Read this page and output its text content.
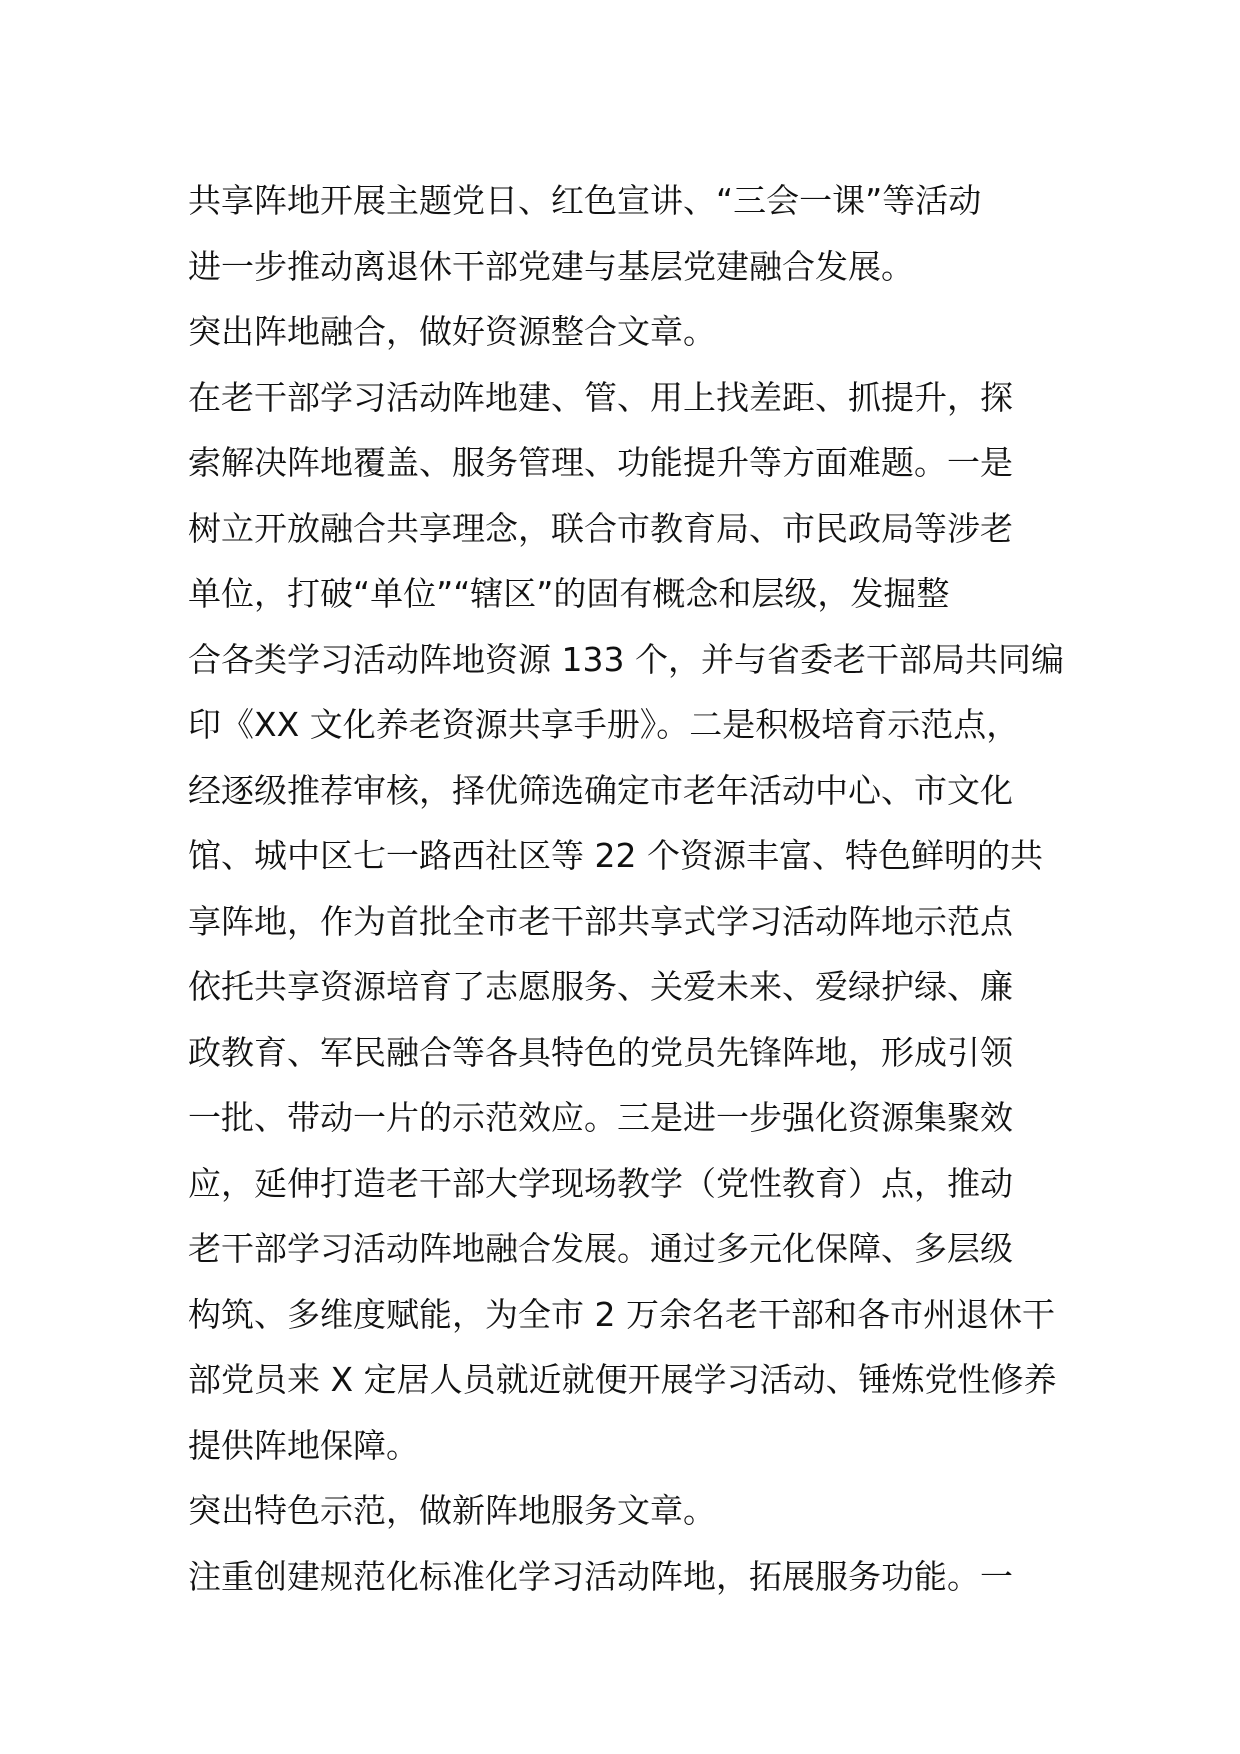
共享阵地开展主题党日、红色宣讲、“三会一课”等活动
进一步推动离退休干部党建与基层党建融合发展。
突出阵地融合，做好资源整合文章。
在老干部学习活动阵地建、管、用上找差距、抓提升，探
索解决阵地覆盖、服务管理、功能提升等方面难题。一是
树立开放融合共享理念，联合市教育局、市民政局等涉老
单位，打破“单位”“辖区”的固有概念和层级，发掘整
合各类学习活动阵地资源 133 个，并与省委老干部局共同编
印《XX 文化养老资源共享手册》。二是积极培育示范点，
经逐级推荐审核，择优筛选确定市老年活动中心、市文化
馆、城中区七一路西社区等 22 个资源丰富、特色鲜明的共
享阵地，作为首批全市老干部共享式学习活动阵地示范点
依托共享资源培育了志愿服务、关爱未来、爱绿护绿、廉
政教育、军民融合等各具特色的党员先锋阵地，形成引领
一批、带动一片的示范效应。三是进一步强化资源集聚效
应，延伸打造老干部大学现场教学（党性教育）点，推动
老干部学习活动阵地融合发展。通过多元化保障、多层级
构筑、多维度赋能，为全市 2 万余名老干部和各市州退休干
部党员来 X 定居人员就近就便开展学习活动、锤炼党性修养
提供阵地保障。
突出特色示范，做新阵地服务文章。
注重创建规范化标准化学习活动阵地，拓展服务功能。一
